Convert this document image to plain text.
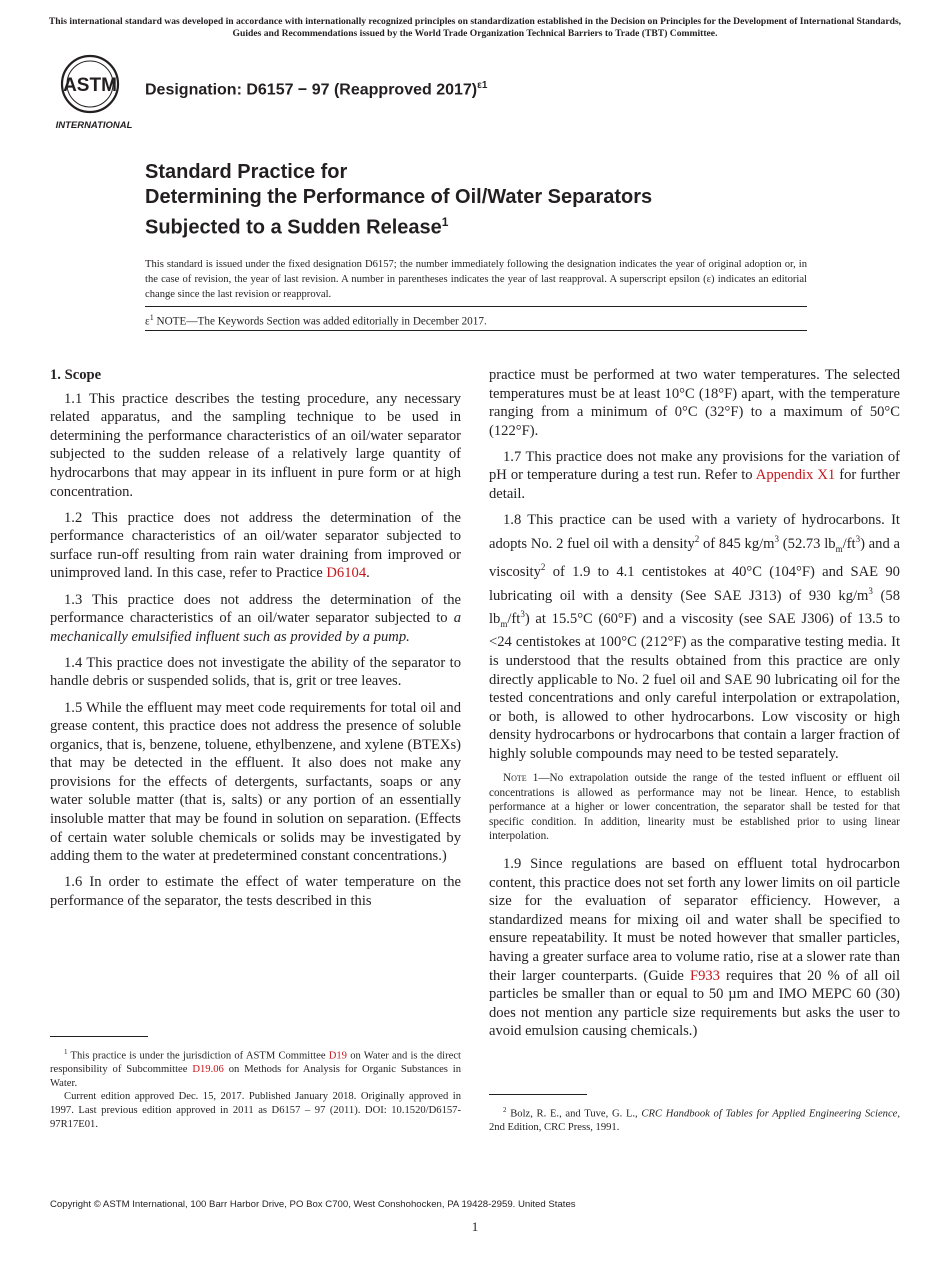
This international standard was developed in accordance with internationally recognized principles on standardization established in the Decision on Principles for the Development of International Standards, Guides and Recommendations issued by the World Trade Organization Technical Barriers to Trade (TBT) Committee.
ASTM
INTERNATIONAL
Designation: D6157 − 97 (Reapproved 2017)$^{\varepsilon 1}$
Standard Practice for
Determining the Performance of Oil/Water Separators
Subjected to a Sudden Release$^1$
This standard is issued under the fixed designation D6157; the number immediately following the designation indicates the year of original adoption or, in the case of revision, the year of last revision. A number in parentheses indicates the year of last reapproval. A superscript epsilon (ε) indicates an editorial change since the last revision or reapproval.
$\varepsilon^1$ NOTE—The Keywords Section was added editorially in December 2017.
1. Scope

1.1 This practice describes the testing procedure, any necessary related apparatus, and the sampling technique to be used in determining the performance characteristics of an oil/water separator subjected to the sudden release of a relatively large quantity of hydrocarbons that may appear in its influent in pure form or at high concentration.

1.2 This practice does not address the determination of the performance characteristics of an oil/water separator subjected to surface run-off resulting from rain water draining from improved or unimproved land. In this case, refer to Practice D6104.

1.3 This practice does not address the determination of the performance characteristics of an oil/water separator subjected to a mechanically emulsified influent such as provided by a pump.

1.4 This practice does not investigate the ability of the separator to handle debris or suspended solids, that is, grit or tree leaves.

1.5 While the effluent may meet code requirements for total oil and grease content, this practice does not address the presence of soluble organics, that is, benzene, toluene, ethylbenzene, and xylene (BTEXs) that may be detected in the effluent. It also does not make any provisions for the effects of detergents, surfactants, soaps or any water soluble matter (that is, salts) or any portion of an essentially insoluble matter that may be found in solution on separation. (Effects of certain water soluble chemicals or solids may be investigated by adding them to the water at predetermined constant concentrations.)

1.6 In order to estimate the effect of water temperature on the performance of the separator, the tests described in this

practice must be performed at two water temperatures. The selected temperatures must be at least 10°C (18°F) apart, with the temperature ranging from a minimum of 0°C (32°F) to a maximum of 50°C (122°F).

1.7 This practice does not make any provisions for the variation of pH or temperature during a test run. Refer to Appendix X1 for further detail.

1.8 This practice can be used with a variety of hydrocarbons. It adopts No. 2 fuel oil with a density$^2$ of 845 $kg/m^3$ (52.73 $lb_m/ft^3$) and a viscosity$^2$ of 1.9 to 4.1 centistokes at 40°C (104°F) and SAE 90 lubricating oil with a density (See SAE J313) of 930 $kg/m^3$ (58 $lb_m/ft^3$) at 15.5°C (60°F) and a viscosity (see SAE J306) of 13.5 to <24 centistokes at 100°C (212°F) as the comparative testing media. It is understood that the results obtained from this practice are only directly applicable to No. 2 fuel oil and SAE 90 lubricating oil for the tested concentrations and only careful interpolation or extrapolation, or both, is allowed to other hydrocarbons. Low viscosity or high density hydrocarbons or hydrocarbons that contain a larger fraction of highly soluble compounds may need to be tested separately.

Note 1—No extrapolation outside the range of the tested influent or effluent oil concentrations is allowed as performance may not be linear. Hence, to establish performance at a higher or lower concentration, the separator shall be tested for that specific condition. In addition, linearity must be established prior to using linear interpolation.

1.9 Since regulations are based on effluent total hydrocarbon content, this practice does not set forth any lower limits on oil particle size for the evaluation of separator efficiency. However, a standardized means for mixing oil and water shall be specified to ensure repeatability. It must be noted however that smaller particles, having a greater surface area to volume ratio, rise at a slower rate than their larger counterparts. (Guide F933 requires that 20 % of all oil particles be smaller than or equal to 50 µm and IMO MEPC 60 (30) does not mention any particle size requirements but asks the user to avoid emulsion causing chemicals.)

$^1$ This practice is under the jurisdiction of ASTM Committee D19 on Water and is the direct responsibility of Subcommittee D19.06 on Methods for Analysis for Organic Substances in Water.

Current edition approved Dec. 15, 2017. Published January 2018. Originally approved in 1997. Last previous edition approved in 2011 as D6157 – 97 (2011). DOI: 10.1520/D6157-97R17E01.

$^2$ Bolz, R. E., and Tuve, G. L., CRC Handbook of Tables for Applied Engineering Science, 2nd Edition, CRC Press, 1991.

Copyright © ASTM International, 100 Barr Harbor Drive, PO Box C700, West Conshohocken, PA 19428-2959. United States
1
